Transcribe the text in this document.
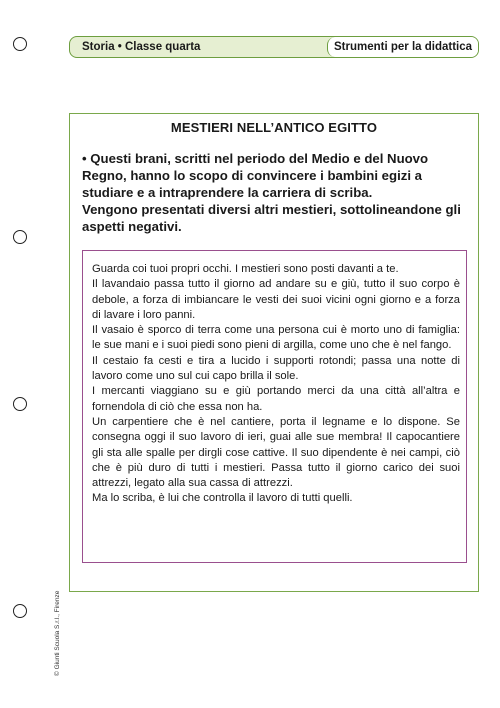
Storia • Classe quarta	Strumenti per la didattica
MESTIERI NELL’ANTICO EGITTO

• Questi brani, scritti nel periodo del Medio e del Nuovo Regno, hanno lo scopo di convincere i bambini egizi a studiare e a intraprendere la carriera di scriba.

Vengono presentati diversi altri mestieri, sottolineandone gli aspetti negativi.

Guarda coi tuoi propri occhi. I mestieri sono posti davanti a te.

Il lavandaio passa tutto il giorno ad andare su e giù, tutto il suo corpo è debole, a forza di imbiancare le vesti dei suoi vicini ogni giorno e a forza di lavare i loro panni.

Il vasaio è sporco di terra come una persona cui è morto uno di famiglia: le sue mani e i suoi piedi sono pieni di argilla, come uno che è nel fango.

Il cestaio fa cesti e tira a lucido i supporti rotondi; passa una notte di lavoro come uno sul cui capo brilla il sole.

I mercanti viaggiano su e giù portando merci da una città all’altra e fornendola di ciò che essa non ha.

Un carpentiere che è nel cantiere, porta il legname e lo dispone. Se consegna oggi il suo lavoro di ieri, guai alle sue membra! Il capocantiere gli sta alle spalle per dirgli cose cattive. Il suo dipendente è nei campi, ciò che è più duro di tutti i mestieri. Passa tutto il giorno carico dei suoi attrezzi, legato alla sua cassa di attrezzi.

Ma lo scriba, è lui che controlla il lavoro di tutti quelli.

© Giunti Scuola S.r.l., Firenze
